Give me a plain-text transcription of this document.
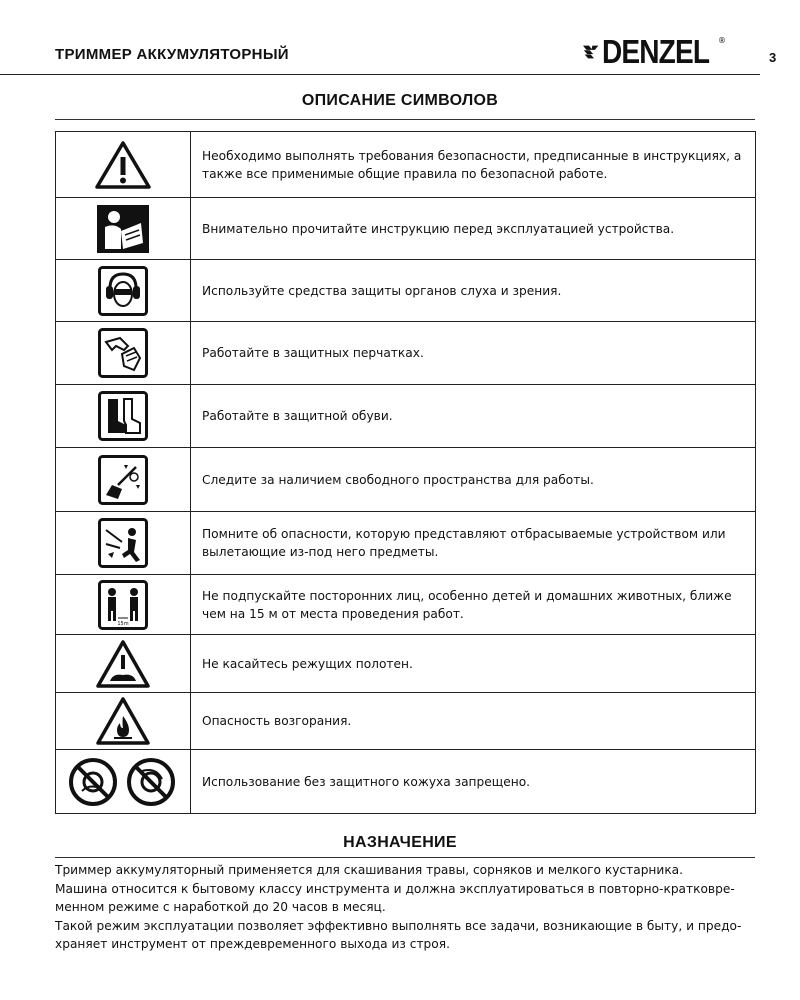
ТРИММЕР АККУМУЛЯТОРНЫЙ	DENZEL ®
3
ОПИСАНИЕ СИМВОЛОВ
	Необходимо выполнять требования безопасности, предписанные в инструкциях, а также все применимые общие правила по безопасной работе.

	Внимательно прочитайте инструкцию перед эксплуатацией устройства.

	Используйте средства защиты органов слуха и зрения.

	Работайте в защитных перчатках.

	Работайте в защитной обуви.

	Следите за наличием свободного пространства для работы.

	Помните об опасности, которую представляют отбрасываемые устройством или вылетающие из-под него предметы.

15m	Не подпускайте посторонних лиц, особенно детей и домашних животных, ближе чем на 15 м от места проведения работ.

	Не касайтесь режущих полотен.

	Опасность возгорания.

	Использование без защитного кожуха запрещено.
НАЗНАЧЕНИЕ

Триммер аккумуляторный применяется для скашивания травы, сорняков и мелкого кустарника.

Машина относится к бытовому классу инструмента и должна эксплуатироваться в повторно-кратковре-

менном режиме с наработкой до 20 часов в месяц.

Такой режим эксплуатации позволяет эффективно выполнять все задачи, возникающие в быту, и предо-

храняет инструмент от преждевременного выхода из строя.
